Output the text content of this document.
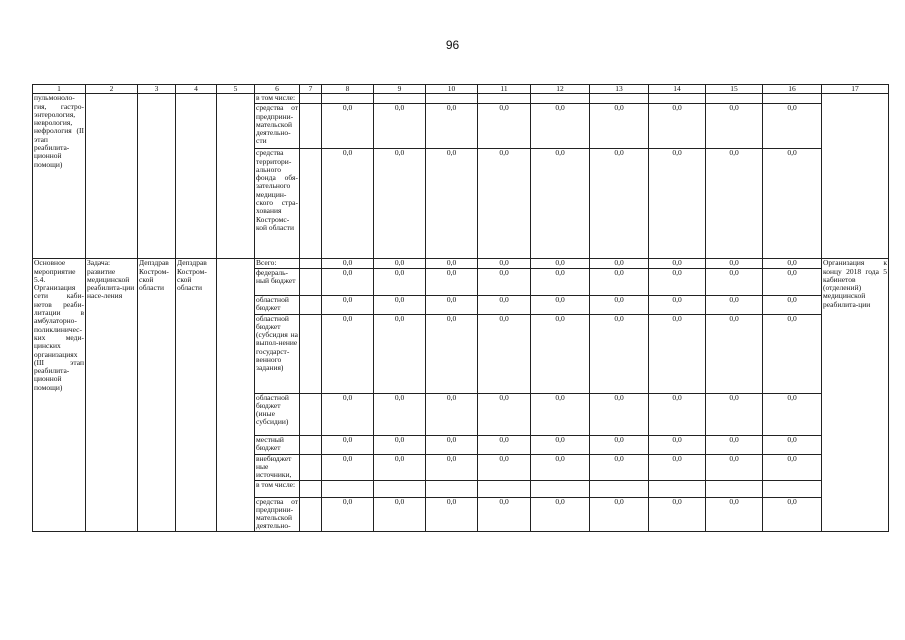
96
1	2	3	4	5	6	7	8	9	10	11	12	13	14	15	16	17
пульмоноло-гия, гастро-энтерология, неврология, нефрология (II этап реабилита-ционной помощи)					в том числе:											
					средства от предприни-мательской деятельно-сти		0,0	0,0	0,0	0,0	0,0	0,0	0,0	0,0	0,0	
					средства территори-ального фонда обя-зательного медицин-ского стра-хования Костромс-кой области		0,0	0,0	0,0	0,0	0,0	0,0	0,0	0,0	0,0	
Основное мероприятие 5.4. Организация сети каби-нетов реаби-литации в амбулаторно-поликлиничес-ких меди-цинских организациях (III этап реабилита-ционной помощи)	Задача: развитие медицинской реабилита-ции насе-ления	Депздрав Костром-ской области	Депздрав Костром-ской области		Всего:		0,0	0,0	0,0	0,0	0,0	0,0	0,0	0,0	0,0	Организация к концу 2018 года 5 кабинетов (отделений) медицинской реабилита-ции
					федераль-ный бюджет		0,0	0,0	0,0	0,0	0,0	0,0	0,0	0,0	0,0	
					областной бюджет		0,0	0,0	0,0	0,0	0,0	0,0	0,0	0,0	0,0	
					областной бюджет (субсидия на выпол-нение государст-венного задания)		0,0	0,0	0,0	0,0	0,0	0,0	0,0	0,0	0,0	
					областной бюджет (иные субсидии)		0,0	0,0	0,0	0,0	0,0	0,0	0,0	0,0	0,0	
					местный бюджет		0,0	0,0	0,0	0,0	0,0	0,0	0,0	0,0	0,0	
					внебюджет ные источники,		0,0	0,0	0,0	0,0	0,0	0,0	0,0	0,0	0,0	
					в том числе:											
					средства от предприни-мательской деятельно-		0,0	0,0	0,0	0,0	0,0	0,0	0,0	0,0	0,0	
